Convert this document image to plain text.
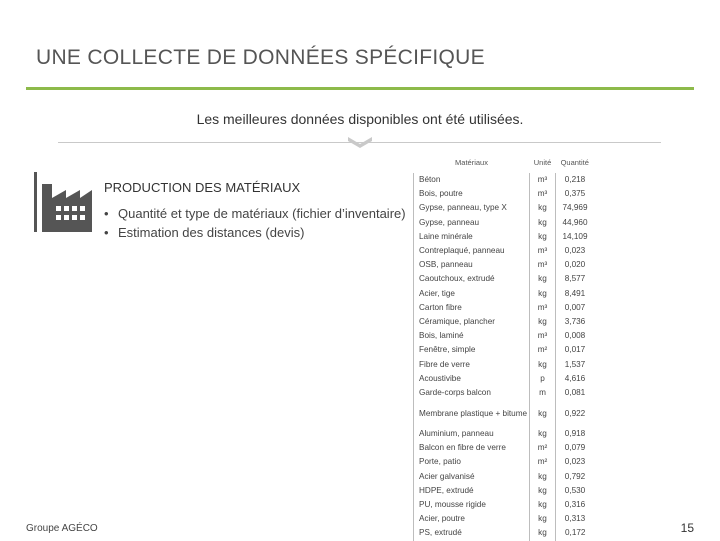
UNE COLLECTE DE DONNÉES SPÉCIFIQUE
Les meilleures données disponibles ont été utilisées.
PRODUCTION DES MATÉRIAUX
• Quantité et type de matériaux (fichier d’inventaire)
• Estimation des distances (devis)
Matériaux	Unité	Quantité
Béton	m³	0,218
Bois, poutre	m³	0,375
Gypse, panneau, type X	kg	74,969
Gypse, panneau	kg	44,960
Laine minérale	kg	14,109
Contreplaqué, panneau	m³	0,023
OSB, panneau	m³	0,020
Caoutchoux, extrudé	kg	8,577
Acier, tige	kg	8,491
Carton fibre	m³	0,007
Céramique, plancher	kg	3,736
Bois, laminé	m³	0,008
Fenêtre, simple	m²	0,017
Fibre de verre	kg	1,537
Acoustivibe	p	4,616
Garde-corps balcon	m	0,081
Membrane plastique + bitume	kg	0,922
Aluminium, panneau	kg	0,918
Balcon en fibre de verre	m²	0,079
Porte, patio	m²	0,023
Acier galvanisé	kg	0,792
HDPE, extrudé	kg	0,530
PU, mousse rigide	kg	0,316
Acier, poutre	kg	0,313
PS, extrudé	kg	0,172
Groupe AGÉCO	15
